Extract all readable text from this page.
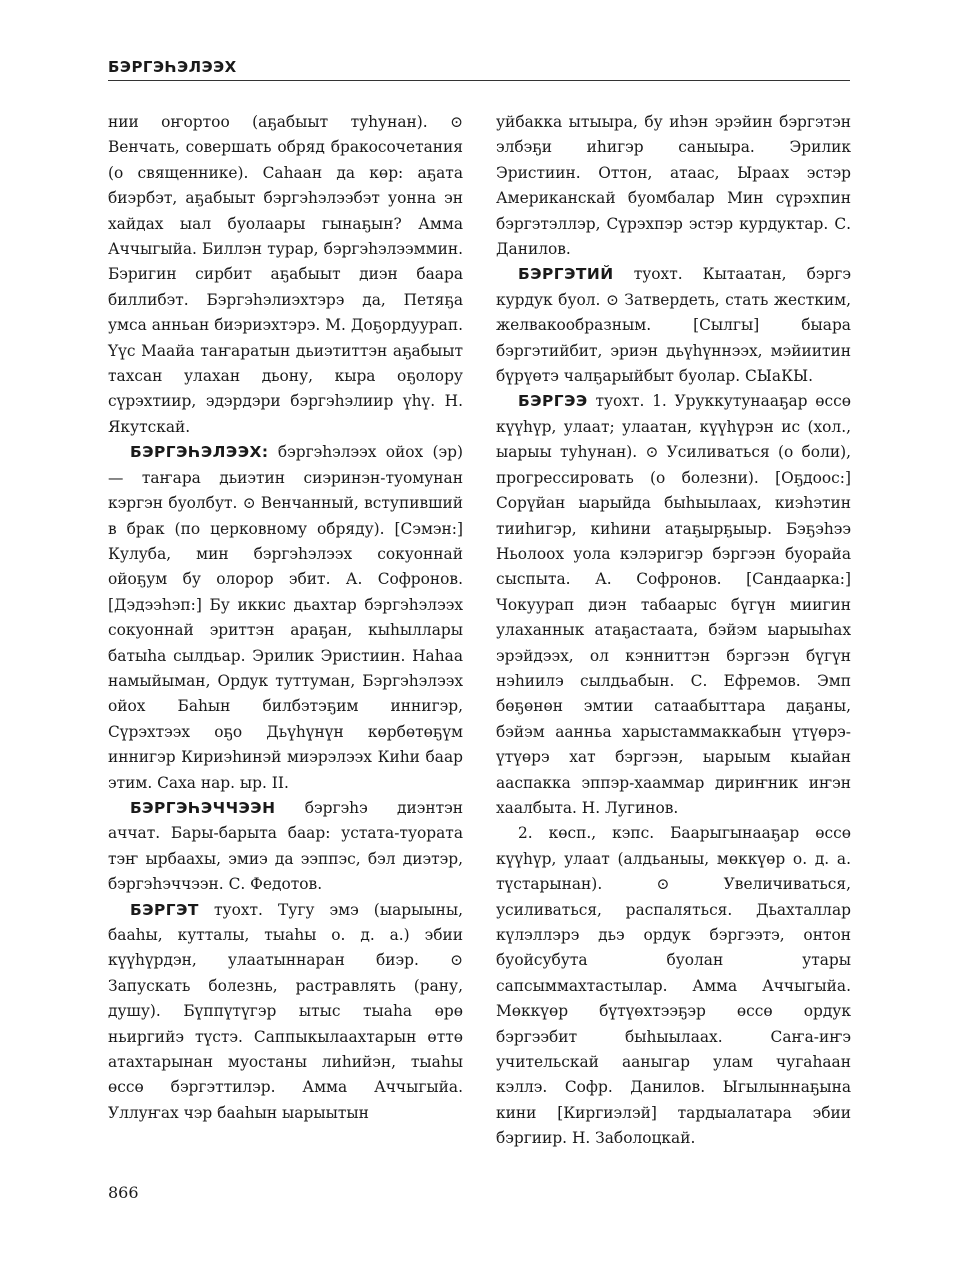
БЭРГЭҺЭЛЭЭХ

нии оҥортоо (аҕабыыт туһунан). ⊙ Венчать, совершать обряд бракосочетания (о священнике). Саһаан да көр: аҕата биэрбэт, аҕабыыт бэргэһэлээбэт уонна эн хайдах ыал буолаары гынаҕын? Амма Аччыгыйа. Биллэн турар, бэргэһэлээммин. Бэригин сирбит аҕабыыт диэн баара биллибэт. Бэргэһэлиэхтэрэ да, Петяҕа умса анньан биэриэхтэрэ. М. Доҕордуурап. Үүс Маайа таҥаратын дьиэтиттэн аҕабыыт тахсан улахан дьону, кыра оҕолору сүрэхтиир, эдэрдэри бэргэһэлиир үһү. Н. Якутскай.

БЭРГЭҺЭЛЭЭХ: бэргэһэлээх ойох (эр) — таҥара дьиэтин сиэринэн-туомунан кэргэн буолбут. ⊙ Венчанный, вступивший в брак (по церковному обряду). [Сэмэн:] Кулуба, мин бэргэһэлээх сокуоннай ойоҕум бу олорор эбит. А. Софронов. [Дэдээһэп:] Бу иккис дьахтар бэргэһэлээх сокуоннай эриттэн араҕан, кыһыллары батыһа сылдьар. Эрилик Эристиин. Наһаа намыйыман, Ордук туттуман, Бэргэһэлээх ойох Баһын билбэтэҕим иннигэр, Сүрэхтээх оҕо Дьүһүнүн көрбөтөҕүм иннигэр Кириэһинэй миэрэлээх Киһи баар этим. Саха нар. ыр. II.

БЭРГЭҺЭЧЧЭЭН бэргэһэ диэнтэн аччат. Бары-барыта баар: устата-туората тэҥ ырбаахы, эмиэ да ээппэс, бэл диэтэр, бэргэһэччээн. С. Федотов.

БЭРГЭТ туохт. Тугу эмэ (ыарыыны, бааһы, кутталы, тыаһы о. д. а.) эбии күүһүрдэн, улаатыннаран биэр. ⊙ Запускать болезнь, растравлять (рану, душу). Бүппүтүгэр ытыс тыаһа өрө ньиргийэ түстэ. Саппыкылаахтарын өттө атахтарынан муостаны лиһийэн, тыаһы өссө бэргэттилэр. Амма Аччыгыйа. Уллуҥах чэр бааһын ыарыытын

уйбакка ытыыра, бу иһэн эрэйин бэргэтэн элбэҕи иһигэр саныыра. Эрилик Эристиин. Оттон, атаас, Ыраах эстэр Американскай буомбалар Мин сүрэхпин бэргэтэллэр, Сүрэхпэр эстэр курдуктар. С. Данилов.

БЭРГЭТИЙ туохт. Кытаатан, бэргэ курдук буол. ⊙ Затвердеть, стать жестким, желвакообразным. [Сылгы] быара бэргэтийбит, эриэн дьүһүннээх, мэйиитин бүрүөтэ чалҕарыйбыт буолар. СЫаКЫ.

БЭРГЭЭ туохт. 1. Уруккутунааҕар өссө күүһүр, улаат; улаатан, күүһүрэн ис (хол., ыарыы туһунан). ⊙ Усиливаться (о боли), прогрессировать (о болезни). [Оҕдоос:] Сорүйан ыарыйда быһыылаах, киэһэтин тииһигэр, киһини атаҕырҕыыр. Бэҕэһээ Ньолоох уола кэлэригэр бэргээн буорайа сыспыта. А. Софронов. [Сандаарка:] Чокуурап диэн табаарыс бүгүн миигин улаханнык атаҕастаата, бэйэм ыарыыһах эрэйдээх, ол кэнниттэн бэргээн бүгүн нэһиилэ сылдьабын. С. Ефремов. Эмп бөҕөнөн эмтии сатаабыттара даҕаны, бэйэм аанньа харыстаммаккабын үтүөрэ-үтүөрэ хат бэргээн, ыарыым кыайан ааспакка эппэр-хааммар дириҥник иҥэн хаалбыта. Н. Лугинов.

2. көсп., кэпс. Баарыгынааҕар өссө күүһүр, улаат (алдьаныы, мөккүөр о. д. а. түстарынан). ⊙ Увеличиваться, усиливаться, распаляться. Дьахталлар күлэллэрэ дьэ ордук бэргээтэ, онтон буойсубута буолан утары сапсыммахтастылар. Амма Аччыгыйа. Мөккүөр бүтүөхтээҕэр өссө ордук бэргээбит быһыылаах. Саҥа-иҥэ учительскай ааныгар улам чугаһаан кэллэ. Софр. Данилов. Ыгылыннаҕына кини [Киргиэлэй] тардыалатара эбии бэргиир. Н. Заболоцкай.

866
